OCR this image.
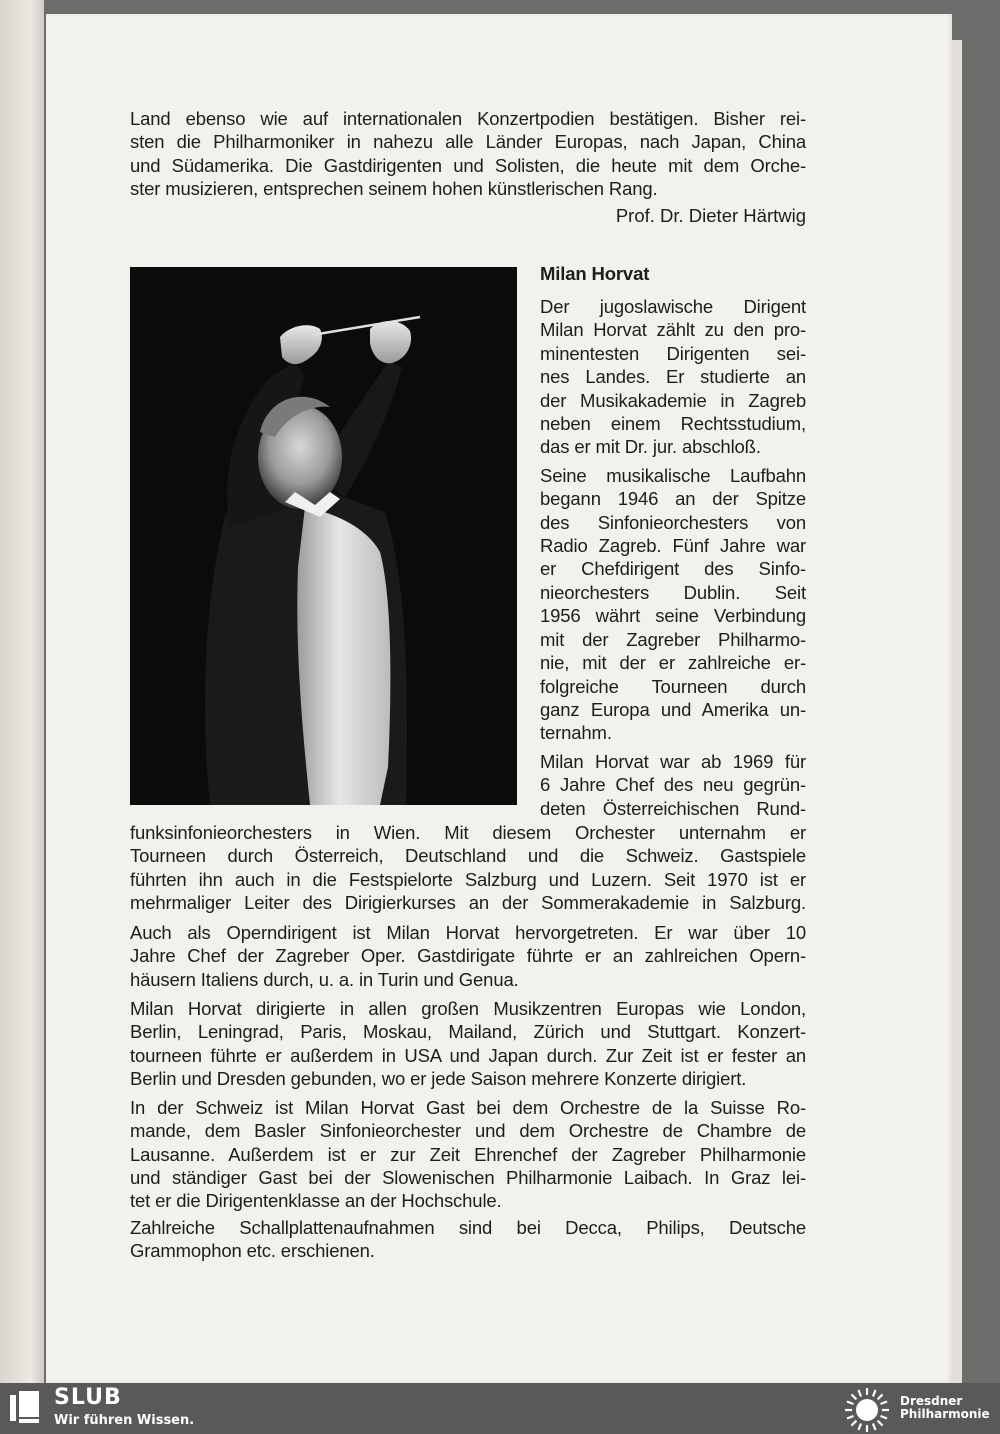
Land ebenso wie auf internationalen Konzertpodien bestätigen. Bisher rei-
sten die Philharmoniker in nahezu alle Länder Europas, nach Japan, China
und Südamerika. Die Gastdirigenten und Solisten, die heute mit dem Orche-
ster musizieren, entsprechen seinem hohen künstlerischen Rang.
Prof. Dr. Dieter Härtwig
Milan Horvat
Der jugoslawische Dirigent
Milan Horvat zählt zu den pro-
minentesten Dirigenten sei-
nes Landes. Er studierte an
der Musikakademie in Zagreb
neben einem Rechtsstudium,
das er mit Dr. jur. abschloß.
Seine musikalische Laufbahn
begann 1946 an der Spitze
des Sinfonieorchesters von
Radio Zagreb. Fünf Jahre war
er Chefdirigent des Sinfo-
nieorchesters Dublin. Seit
1956 währt seine Verbindung
mit der Zagreber Philharmo-
nie, mit der er zahlreiche er-
folgreiche Tourneen durch
ganz Europa und Amerika un-
ternahm.
Milan Horvat war ab 1969 für
6 Jahre Chef des neu gegrün-
deten Österreichischen Rund-
funksinfonieorchesters in Wien. Mit diesem Orchester unternahm er
Tourneen durch Österreich, Deutschland und die Schweiz. Gastspiele
führten ihn auch in die Festspielorte Salzburg und Luzern. Seit 1970 ist er
mehrmaliger Leiter des Dirigierkurses an der Sommerakademie in Salzburg.
Auch als Operndirigent ist Milan Horvat hervorgetreten. Er war über 10
Jahre Chef der Zagreber Oper. Gastdirigate führte er an zahlreichen Opern-
häusern Italiens durch, u. a. in Turin und Genua.
Milan Horvat dirigierte in allen großen Musikzentren Europas wie London,
Berlin, Leningrad, Paris, Moskau, Mailand, Zürich und Stuttgart. Konzert-
tourneen führte er außerdem in USA und Japan durch. Zur Zeit ist er fester an
Berlin und Dresden gebunden, wo er jede Saison mehrere Konzerte dirigiert.
In der Schweiz ist Milan Horvat Gast bei dem Orchestre de la Suisse Ro-
mande, dem Basler Sinfonieorchester und dem Orchestre de Chambre de
Lausanne. Außerdem ist er zur Zeit Ehrenchef der Zagreber Philharmonie
und ständiger Gast bei der Slowenischen Philharmonie Laibach. In Graz lei-
tet er die Dirigentenklasse an der Hochschule.
Zahlreiche Schallplattenaufnahmen sind bei Decca, Philips, Deutsche
Grammophon etc. erschienen.
SLUB
Wir führen Wissen.
Dresdner
Philharmonie
